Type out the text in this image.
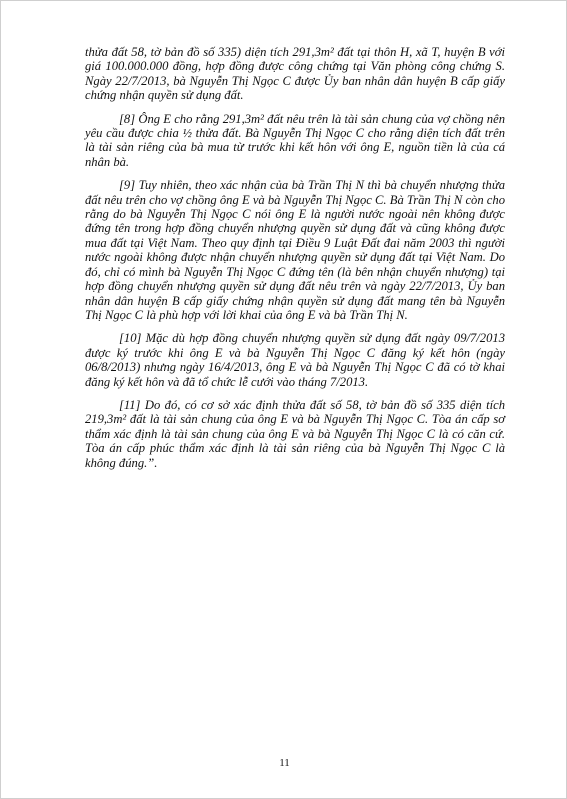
thửa đất 58, tờ bản đồ số 335) diện tích 291,3m² đất tại thôn H, xã T, huyện B với giá 100.000.000 đồng, hợp đồng được công chứng tại Văn phòng công chứng S. Ngày 22/7/2013, bà Nguyễn Thị Ngọc C được Ủy ban nhân dân huyện B cấp giấy chứng nhận quyền sử dụng đất.

[8] Ông E cho rằng 291,3m² đất nêu trên là tài sản chung của vợ chồng nên yêu cầu được chia ½ thửa đất. Bà Nguyễn Thị Ngọc C cho rằng diện tích đất trên là tài sản riêng của bà mua từ trước khi kết hôn với ông E, nguồn tiền là của cá nhân bà.

[9] Tuy nhiên, theo xác nhận của bà Trần Thị N thì bà chuyển nhượng thửa đất nêu trên cho vợ chồng ông E và bà Nguyễn Thị Ngọc C. Bà Trần Thị N còn cho rằng do bà Nguyễn Thị Ngọc C nói ông E là người nước ngoài nên không được đứng tên trong hợp đồng chuyển nhượng quyền sử dụng đất và cũng không được mua đất tại Việt Nam. Theo quy định tại Điều 9 Luật Đất đai năm 2003 thì người nước ngoài không được nhận chuyển nhượng quyền sử dụng đất tại Việt Nam. Do đó, chỉ có mình bà Nguyễn Thị Ngọc C đứng tên (là bên nhận chuyển nhượng) tại hợp đồng chuyển nhượng quyền sử dụng đất nêu trên và ngày 22/7/2013, Ủy ban nhân dân huyện B cấp giấy chứng nhận quyền sử dụng đất mang tên bà Nguyễn Thị Ngọc C là phù hợp với lời khai của ông E và bà Trần Thị N.

[10] Mặc dù hợp đồng chuyển nhượng quyền sử dụng đất ngày 09/7/2013 được ký trước khi ông E và bà Nguyễn Thị Ngọc C đăng ký kết hôn (ngày 06/8/2013) nhưng ngày 16/4/2013, ông E và bà Nguyễn Thị Ngọc C đã có tờ khai đăng ký kết hôn và đã tổ chức lễ cưới vào tháng 7/2013.

[11] Do đó, có cơ sở xác định thửa đất số 58, tờ bản đồ số 335 diện tích 219,3m² đất là tài sản chung của ông E và bà Nguyễn Thị Ngọc C. Tòa án cấp sơ thẩm xác định là tài sản chung của ông E và bà Nguyễn Thị Ngọc C là có căn cứ. Tòa án cấp phúc thẩm xác định là tài sản riêng của bà Nguyễn Thị Ngọc C là không đúng.”.

11
